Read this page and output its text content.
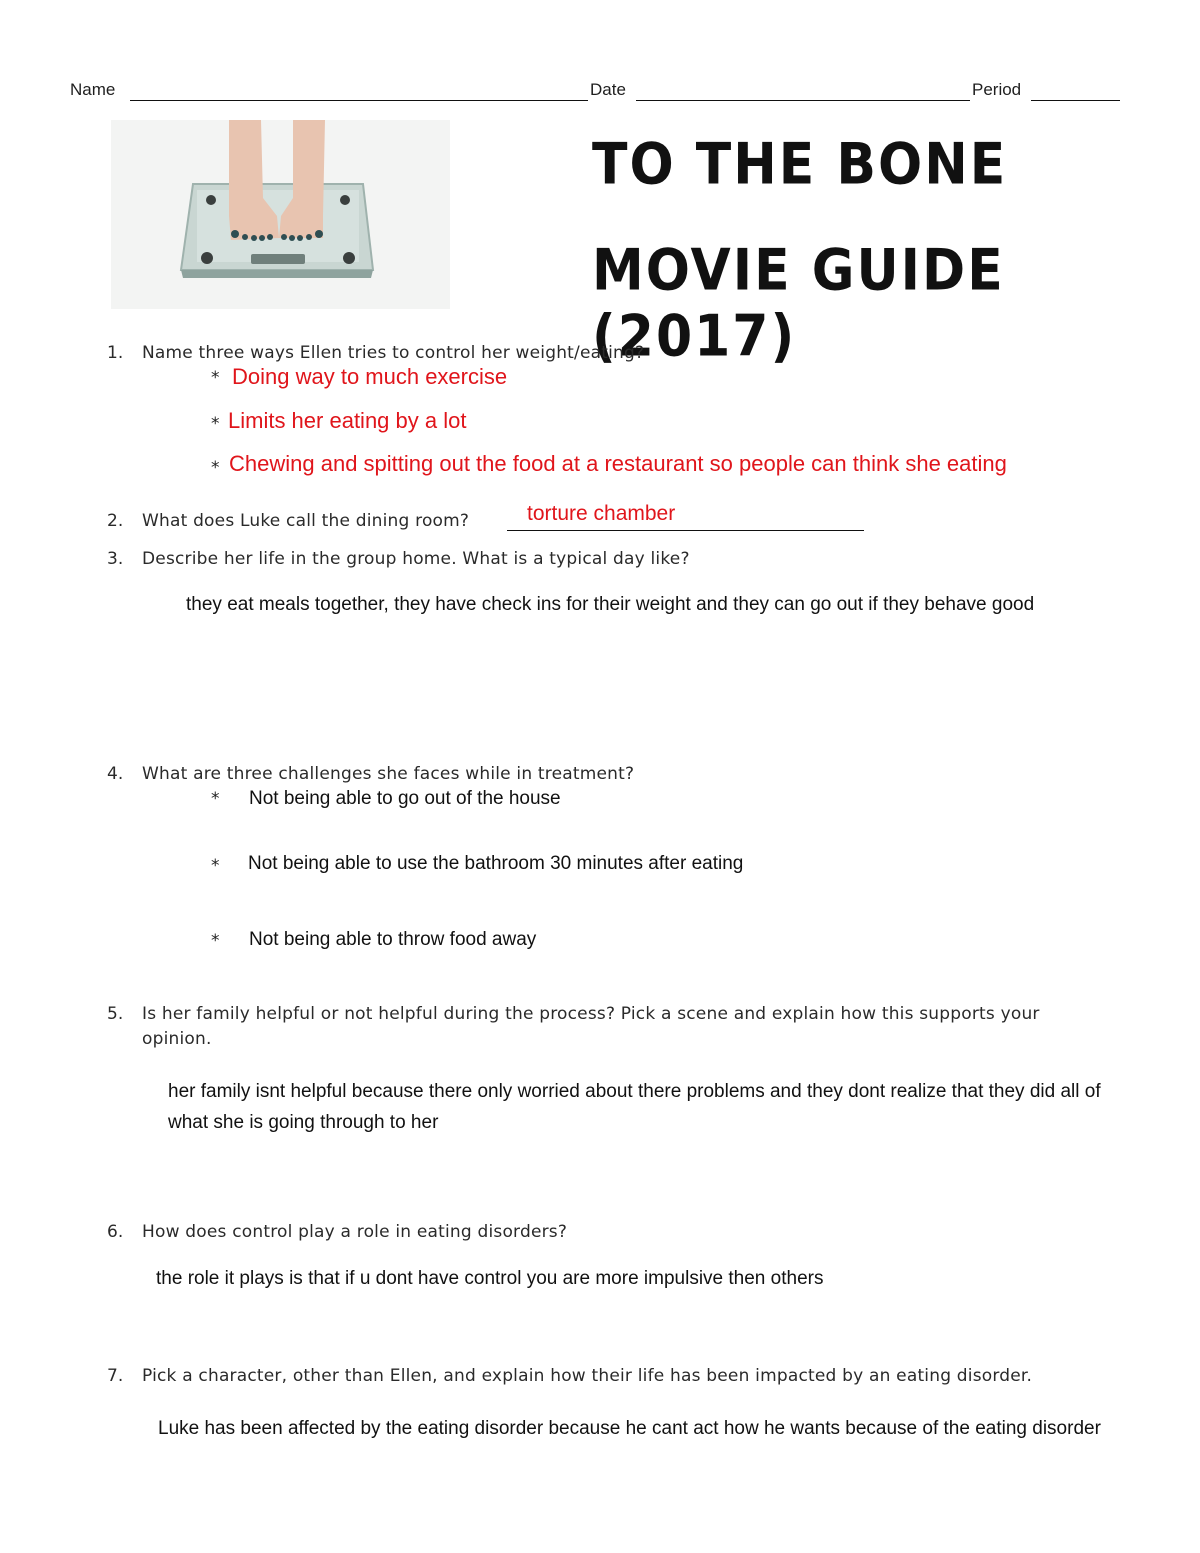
Name	Date	Period
TO THE BONE
MOVIE GUIDE (2017)
1. Name three ways Ellen tries to control her weight/eating?
* Doing way to much exercise
* Limits her eating by a lot
* Chewing and spitting out the food at a restaurant so people can think she eating
2. What does Luke call the dining room?	torture chamber
3. Describe her life in the group home. What is a typical day like?
they eat meals together, they have check ins for their weight and they can go out if they behave good
4. What are three challenges she faces while in treatment?
* Not being able to go out of the house
* Not being able to use the bathroom 30 minutes after eating
* Not being able to throw food away
5. Is her family helpful or not helpful during the process? Pick a scene and explain how this supports your
opinion.
her family isnt helpful because there only worried about there problems and they dont realize that they did all of
what she is going through to her
6. How does control play a role in eating disorders?
the role it plays is that if u dont have control you are more impulsive then others
7. Pick a character, other than Ellen, and explain how their life has been impacted by an eating disorder.
Luke has been affected by the eating disorder because he cant act how he wants because of the eating disorder
